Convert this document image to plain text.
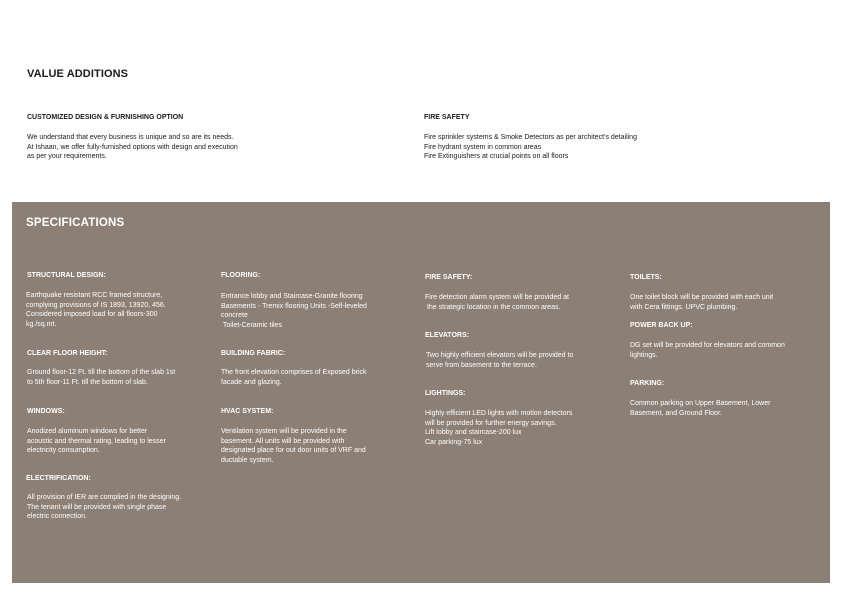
VALUE ADDITIONS
CUSTOMIZED DESIGN & FURNISHING OPTION
We understand that every business is unique and so are its needs.
At Ishaan, we offer fully-furnished options with design and execution
as per your requirements.
FIRE SAFETY
Fire sprinkler systems & Smoke Detectors as per architect's detailing
Fire hydrant system in common areas
Fire Extinguishers at crucial points on all floors
SPECIFICATIONS
STRUCTURAL DESIGN:
Earthquake resistant RCC framed structure,
complying provisions of IS 1893, 13920, 456.
Considered imposed load for all floors-300
kg./sq.mt.
CLEAR FLOOR HEIGHT:
Ground floor-12 Ft. till the bottom of the slab 1st
to 5th floor-11 Ft. till the bottom of slab.
WINDOWS:
Anodized aluminum windows for better
acoustic and thermal rating, leading to lesser
electricity consumption.
ELECTRIFICATION:
All provision of IER are complied in the designing.
The tenant will be provided with single phase
electric connection.
FLOORING:
Entrance lobby and Staircase-Granite flooring
Basements - Tremix flooring Units -Self-leveled
concrete
Toilet-Ceramic tiles
BUILDING FABRIC:
The front elevation comprises of Exposed brick
facade and glazing.
HVAC SYSTEM:
Ventilation system will be provided in the
basement. All units will be provided with
designated place for out door units of VRF and
ductable system.
FIRE SAFETY:
Fire detection alarm system will be provided at
the strategic location in the common areas.
ELEVATORS:
Two highly efficient elevators will be provided to
serve from basement to the terrace.
LIGHTINGS:
Highly efficient LED lights with motion detectors
will be provided for further energy savings.
Lift lobby and staircase-200 lux
Car parking-75 lux
TOILETS:
One toilet block will be provided with each unit
with Cera fittings. UPVC plumbing.
POWER BACK UP:
DG set will be provided for elevators and common
lightings.
PARKING:
Common parking on Upper Basement, Lower
Basement, and Ground Floor.
